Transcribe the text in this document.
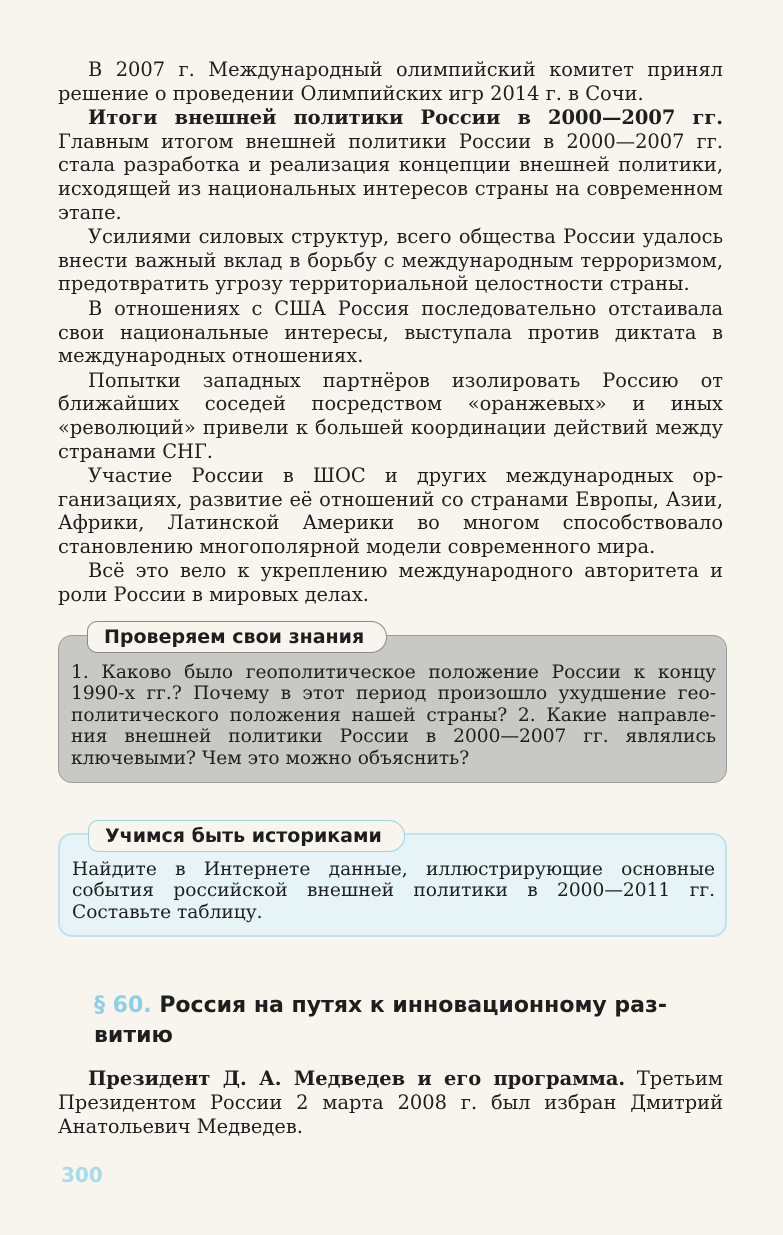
В 2007 г. Международный олимпийский комитет принял решение о проведении Олимпийских игр 2014 г. в Сочи.

Итоги внешней политики России в 2000—2007 гг. Главным итогом внешней политики России в 2000—2007 гг. стала разработка и реализация концепции внешней политики, исходящей из национальных интересов страны на современном этапе.

Усилиями силовых структур, всего общества России удалось внести важный вклад в борьбу с международным терроризмом, предотвратить угрозу территориальной целостности страны.

В отношениях с США Россия последовательно отстаивала свои национальные интересы, выступала против диктата в международных отношениях.

Попытки западных партнёров изолировать Россию от ближайших соседей посредством «оранжевых» и иных «революций» привели к большей координации действий между странами СНГ.

Участие России в ШОС и других международных организациях, развитие её отношений со странами Европы, Азии, Африки, Латинской Америки во многом способствовало становлению многополярной модели современного мира.

Всё это вело к укреплению международного авторитета и роли России в мировых делах.

Проверяем свои знания

1. Каково было геополитическое положение России к концу 1990-х гг.? Почему в этот период произошло ухудшение геополитического положения нашей страны? 2. Какие направления внешней политики России в 2000—2007 гг. являлись ключевыми? Чем это можно объяснить?

Учимся быть историками

Найдите в Интернете данные, иллюстрирующие основные события российской внешней политики в 2000—2011 гг. Составьте таблицу.

§ 60. Россия на путях к инновационному развитию

Президент Д. А. Медведев и его программа. Третьим Президентом России 2 марта 2008 г. был избран Дмитрий Анатольевич Медведев.

300
